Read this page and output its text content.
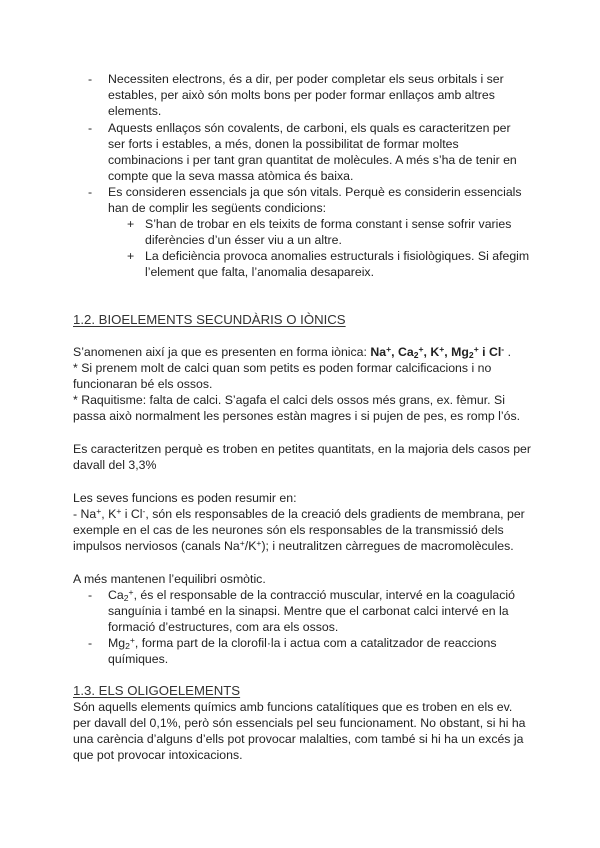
-	Necessiten electrons, és a dir, per poder completar els seus orbitals i ser estables, per això són molts bons per poder formar enllaços amb altres elements.
-	Aquests enllaços són covalents, de carboni, els quals es caracteritzen per ser forts i estables, a més, donen la possibilitat de formar moltes combinacions i per tant gran quantitat de molècules. A més s’ha de tenir en compte que la seva massa atòmica és baixa.
-	Es consideren essencials ja que són vitals. Perquè es considerin essencials han de complir les següents condicions:
+ S’han de trobar en els teixits de forma constant i sense sofrir varies diferències d’un ésser viu a un altre.
+ La deficiència provoca anomalies estructurals i fisiològiques. Si afegim l’element que falta, l’anomalia desapareix.
1.2. BIOELEMENTS SECUNDÀRIS O IÒNICS
S’anomenen així ja que es presenten en forma iònica: Na+, $Ca_2^+$, K+, $Mg_2^+$ i Cl- .
* Si prenem molt de calci quan som petits es poden formar calcificacions i no funcionaran bé els ossos.
* Raquitisme: falta de calci. S’agafa el calci dels ossos més grans, ex. fèmur. Si passa això normalment les persones estàn magres i si pujen de pes, es romp l’ós.
Es caracteritzen perquè es troben en petites quantitats, en la majoria dels casos per davall del 3,3%
Les seves funcions es poden resumir en:
- Na+, K+ i Cl-, són els responsables de la creació dels gradients de membrana, per exemple en el cas de les neurones són els responsables de la transmissió dels impulsos nerviosos (canals Na+/K+); i neutralitzen càrregues de macromolècules.
A més mantenen l’equilibri osmòtic.
-	$Ca_2^+$, és el responsable de la contracció muscular, intervé en la coagulació sanguínia i també en la sinapsi. Mentre que el carbonat calci intervé en la formació d’estructures, com ara els ossos.
-	$Mg_2^+$, forma part de la clorofil·la i actua com a catalitzador de reaccions químiques.
1.3. ELS OLIGOELEMENTS
Són aquells elements químics amb funcions catalítiques que es troben en els ev. per davall del 0,1%, però són essencials pel seu funcionament. No obstant, si hi ha una carència d’alguns d’ells pot provocar malalties, com també si hi ha un excés ja que pot provocar intoxicacions.
